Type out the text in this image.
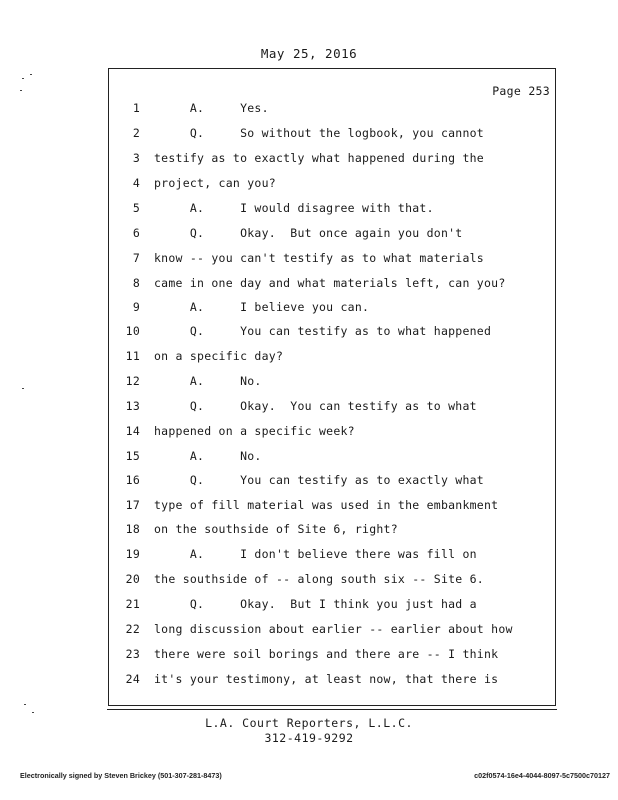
May 25, 2016
Page 253
1 A.     Yes.
2 Q.     So without the logbook, you cannot
3 testify as to exactly what happened during the
4 project, can you?
5 A.     I would disagree with that.
6 Q.     Okay.  But once again you don't
7 know -- you can't testify as to what materials
8 came in one day and what materials left, can you?
9 A.     I believe you can.
10 Q.     You can testify as to what happened
11 on a specific day?
12 A.     No.
13 Q.     Okay.  You can testify as to what
14 happened on a specific week?
15 A.     No.
16 Q.     You can testify as to exactly what
17 type of fill material was used in the embankment
18 on the southside of Site 6, right?
19 A.     I don't believe there was fill on
20 the southside of -- along south six -- Site 6.
21 Q.     Okay.  But I think you just had a
22 long discussion about earlier -- earlier about how
23 there were soil borings and there are -- I think
24 it's your testimony, at least now, that there is
L.A. Court Reporters, L.L.C.
312-419-9292
Electronically signed by Steven Brickey (501-307-281-8473)	c02f0574-16e4-4044-8097-5c7500c70127
